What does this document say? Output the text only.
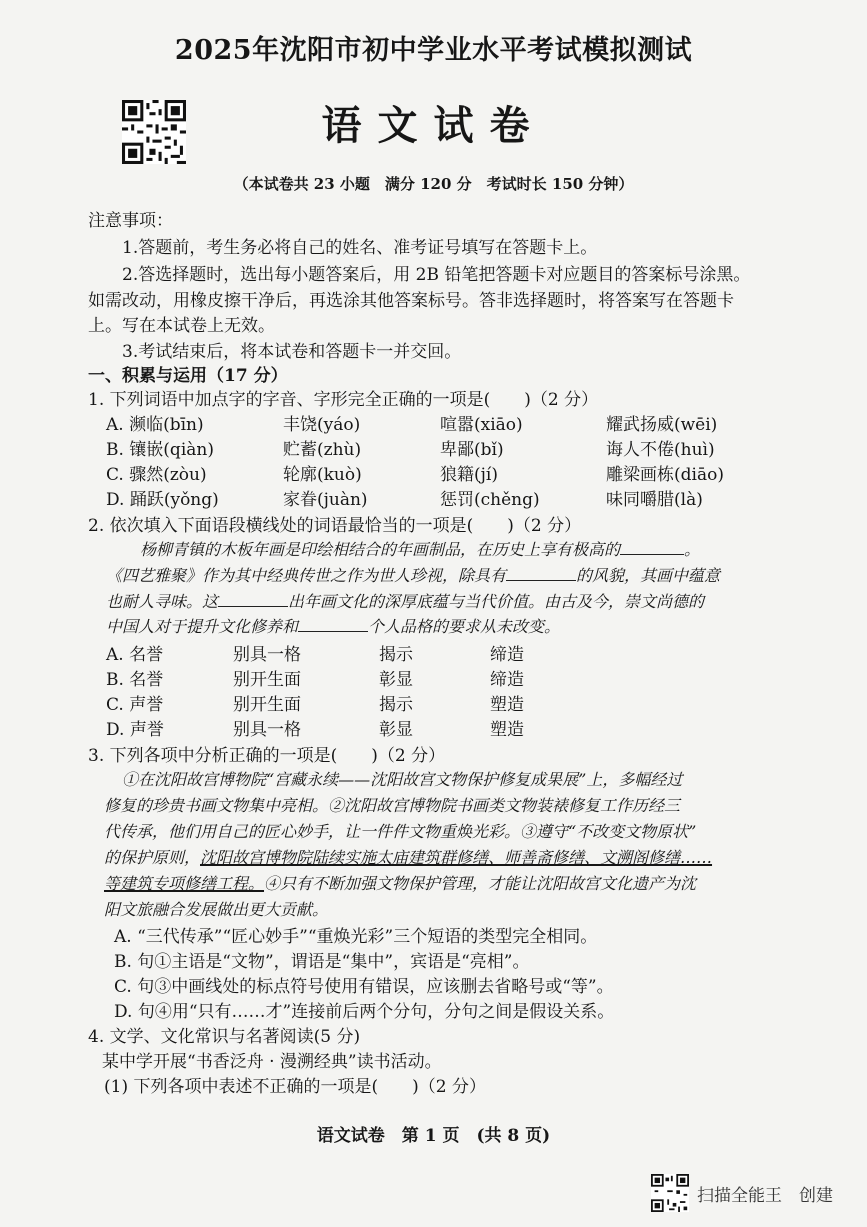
2025年沈阳市初中学业水平考试模拟测试
语文试卷
（本试卷共 23 小题　满分 120 分　考试时长 150 分钟）
注意事项：
1.答题前，考生务必将自己的姓名、准考证号填写在答题卡上。
2.答选择题时，选出每小题答案后，用 2B 铅笔把答题卡对应题目的答案标号涂黑。
如需改动，用橡皮擦干净后，再选涂其他答案标号。答非选择题时，将答案写在答题卡
上。写在本试卷上无效。
3.考试结束后，将本试卷和答题卡一并交回。
一、积累与运用（17 分）
1. 下列词语中加点字的字音、字形完全正确的一项是(　　)（2 分）
A. 濒临(bīn)	丰饶(yáo)	喧嚣(xiāo)	耀武扬威(wēi)
B. 镶嵌(qiàn)	贮蓄(zhù)	卑鄙(bǐ)	诲人不倦(huì)
C. 骤然(zòu)	轮廓(kuò)	狼籍(jí)	雕梁画栋(diāo)
D. 踊跃(yǒng)	家眷(juàn)	惩罚(chěng)	味同嚼腊(là)
2. 依次填入下面语段横线处的词语最恰当的一项是(　　)（2 分）
杨柳青镇的木板年画是印绘相结合的年画制品，在历史上享有极高的	。
《四艺雅聚》作为其中经典传世之作为世人珍视，除具有	的风貌，其画中蕴意
也耐人寻味。这	出年画文化的深厚底蕴与当代价值。由古及今，崇文尚德的
中国人对于提升文化修养和	个人品格的要求从未改变。
A. 名誉	别具一格	揭示	缔造
B. 名誉	别开生面	彰显	缔造
C. 声誉	别开生面	揭示	塑造
D. 声誉	别具一格	彰显	塑造
3. 下列各项中分析正确的一项是(　　)（2 分）
①在沈阳故宫博物院“宫藏永续——沈阳故宫文物保护修复成果展”上，多幅经过
修复的珍贵书画文物集中亮相。②沈阳故宫博物院书画类文物装裱修复工作历经三
代传承，他们用自己的匠心妙手，让一件件文物重焕光彩。③遵守“不改变文物原状”
的保护原则，沈阳故宫博物院陆续实施太庙建筑群修缮、师善斋修缮、文溯阁修缮……
等建筑专项修缮工程。④只有不断加强文物保护管理，才能让沈阳故宫文化遗产为沈
阳文旅融合发展做出更大贡献。
A. “三代传承”“匠心妙手”“重焕光彩”三个短语的类型完全相同。
B. 句①主语是“文物”，谓语是“集中”，宾语是“亮相”。
C. 句③中画线处的标点符号使用有错误，应该删去省略号或“等”。
D. 句④用“只有……才”连接前后两个分句，分句之间是假设关系。
4. 文学、文化常识与名著阅读(5 分)
某中学开展“书香泛舟 · 漫溯经典”读书活动。
(1) 下列各项中表述不正确的一项是(　　)（2 分）
语文试卷　第 1 页　(共 8 页)
扫描全能王　创建
